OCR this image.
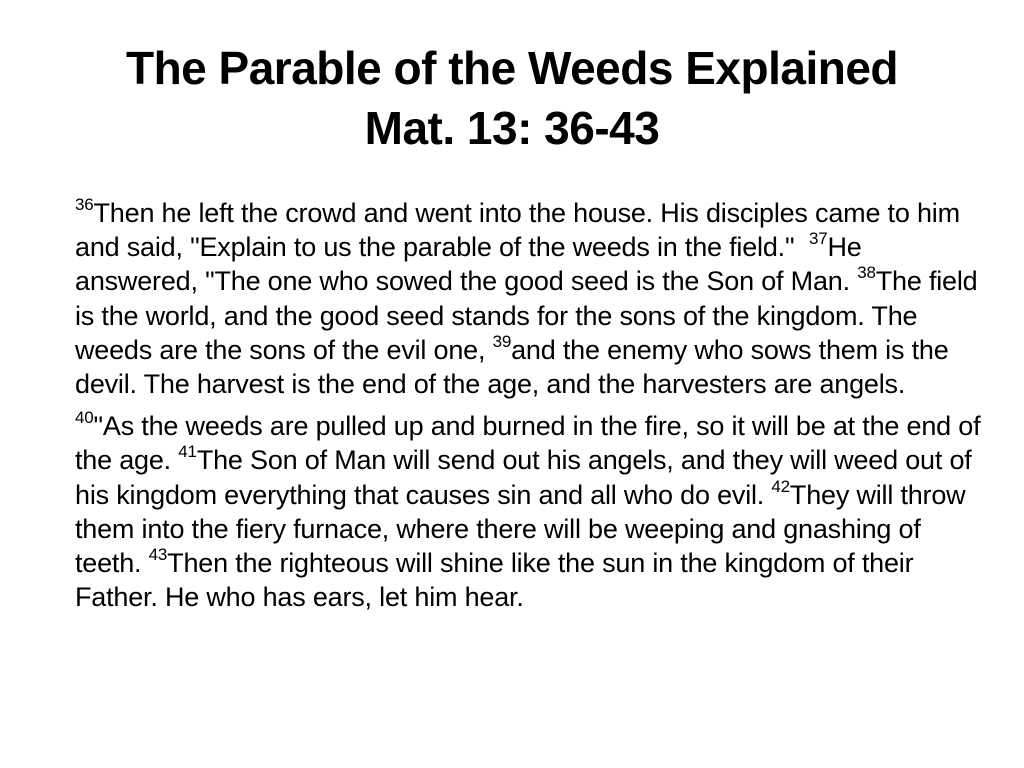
The Parable of the Weeds Explained
Mat. 13: 36-43

$^{36}$Then he left the crowd and went into the house. His disciples came to him and said, "Explain to us the parable of the weeds in the field."  $^{37}$He answered, "The one who sowed the good seed is the Son of Man. $^{38}$The field is the world, and the good seed stands for the sons of the kingdom. The weeds are the sons of the evil one, $^{39}$and the enemy who sows them is the devil. The harvest is the end of the age, and the harvesters are angels.

$^{40}$"As the weeds are pulled up and burned in the fire, so it will be at the end of the age. $^{41}$The Son of Man will send out his angels, and they will weed out of his kingdom everything that causes sin and all who do evil. $^{42}$They will throw them into the fiery furnace, where there will be weeping and gnashing of teeth. $^{43}$Then the righteous will shine like the sun in the kingdom of their Father. He who has ears, let him hear.
